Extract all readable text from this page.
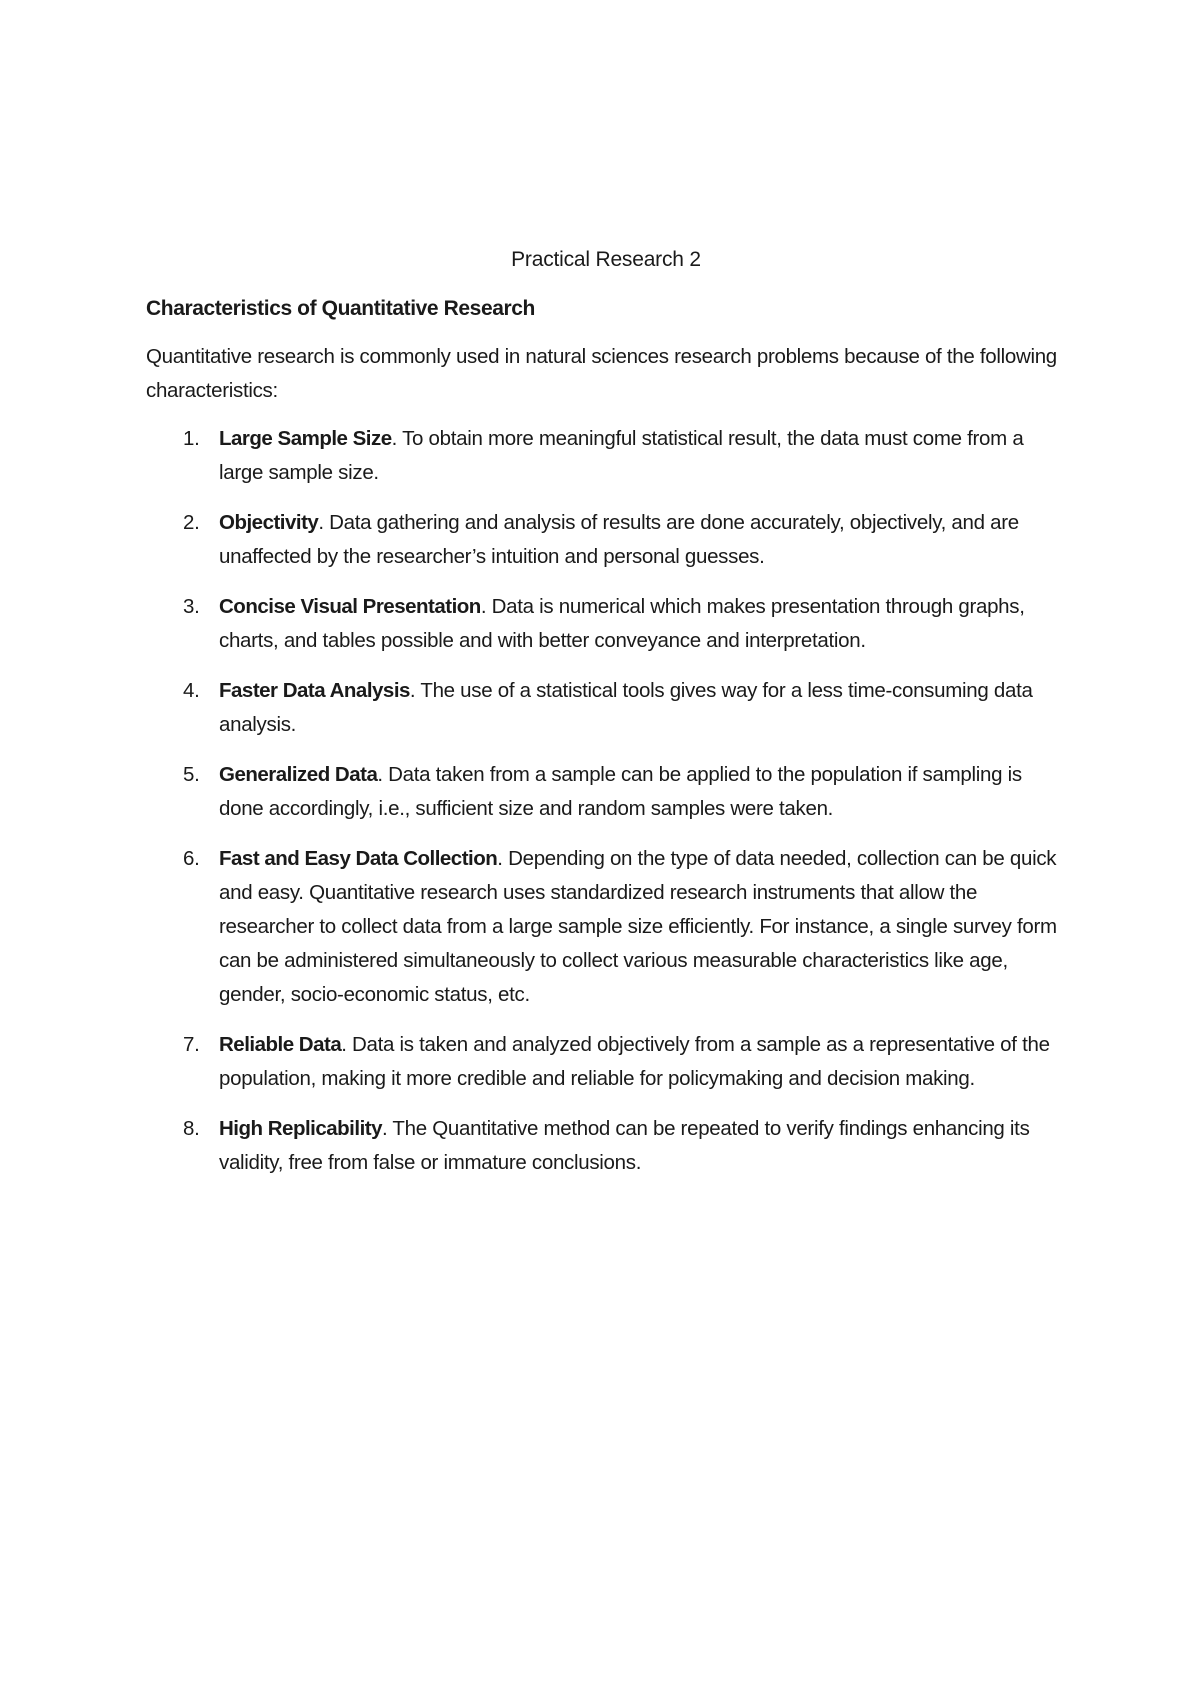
Practical Research 2
Characteristics of Quantitative Research

Quantitative research is commonly used in natural sciences research problems because of the following characteristics:

1. Large Sample Size. To obtain more meaningful statistical result, the data must come from a large sample size.
2. Objectivity. Data gathering and analysis of results are done accurately, objectively, and are unaffected by the researcher’s intuition and personal guesses.
3. Concise Visual Presentation. Data is numerical which makes presentation through graphs, charts, and tables possible and with better conveyance and interpretation.
4. Faster Data Analysis. The use of a statistical tools gives way for a less time-consuming data analysis.
5. Generalized Data. Data taken from a sample can be applied to the population if sampling is done accordingly, i.e., sufficient size and random samples were taken.
6. Fast and Easy Data Collection. Depending on the type of data needed, collection can be quick and easy. Quantitative research uses standardized research instruments that allow the researcher to collect data from a large sample size efficiently. For instance, a single survey form can be administered simultaneously to collect various measurable characteristics like age, gender, socio-economic status, etc.
7. Reliable Data. Data is taken and analyzed objectively from a sample as a representative of the population, making it more credible and reliable for policymaking and decision making.
8. High Replicability. The Quantitative method can be repeated to verify findings enhancing its validity, free from false or immature conclusions.
